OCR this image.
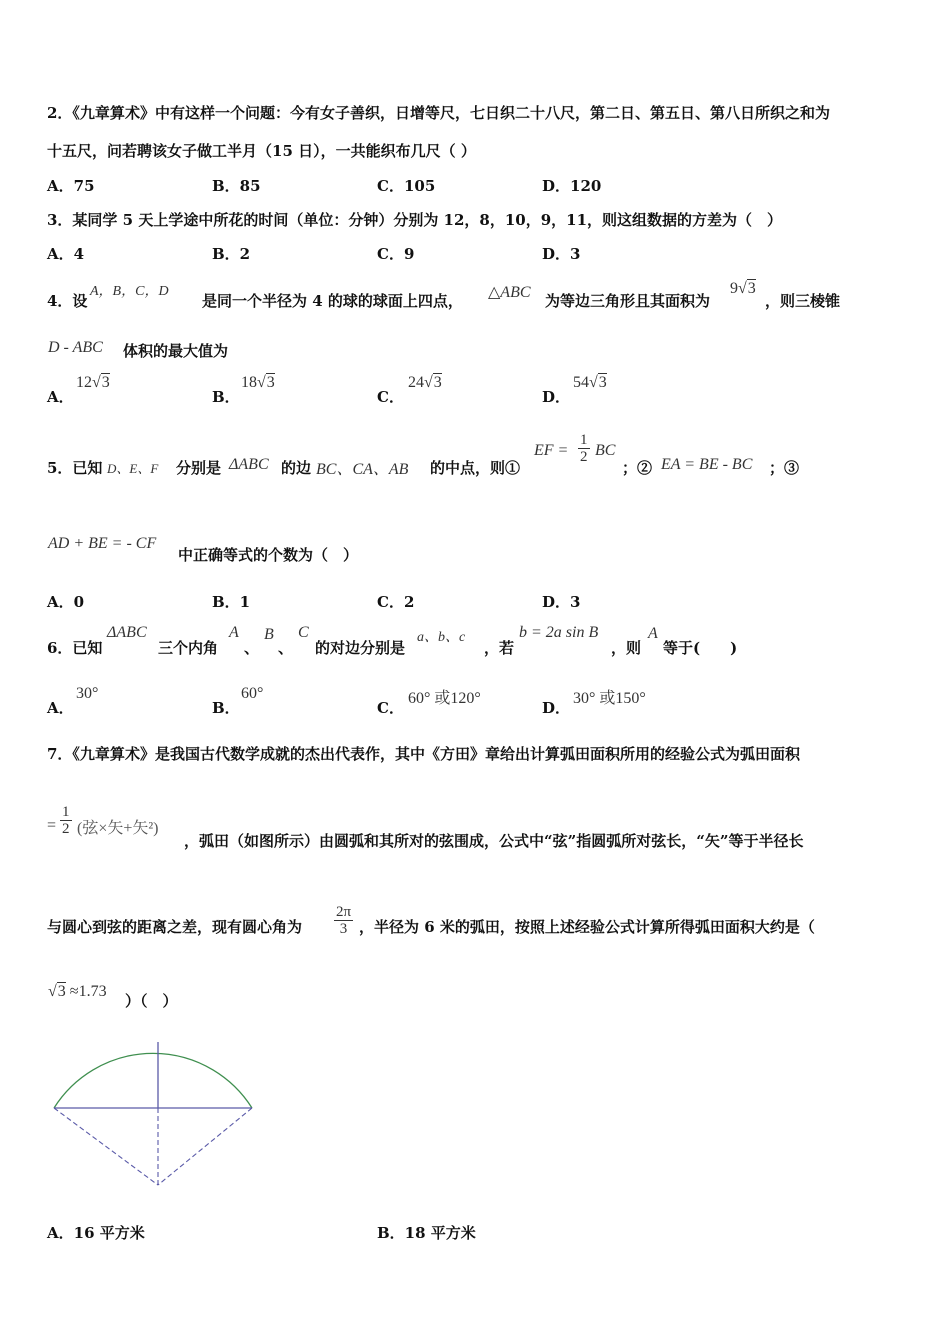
2．《九章算术》中有这样一个问题：今有女子善织，日增等尺，七日织二十八尺，第二日、第五日、第八日所织之和为
十五尺，问若聘该女子做工半月（15 日），一共能织布几尺（ ）
A．75	B．85	C．105	D．120
3．某同学 5 天上学途中所花的时间（单位：分钟）分别为 12，8，10，9，11，则这组数据的方差为（　）
A．4	B．2	C．9	D．3
4．设
A，B，C，D
是同一个半径为 4 的球的球面上四点， △ABC 为等边三角形且其面积为
9√3
，则三棱锥
D - ABC 体积的最大值为
A．
12√3
B．
18√3
C．
24√3
D．
54√3
5．已知 D、E、F 分别是 ΔABC 的边 BC、CA、AB 的中点，则①
EF = $\frac{1}{2}$ BC
；② EA = BE - BC ；③
AD + BE = - CF
中正确等式的个数为（　）
A．0	B．1	C．2	D．3
6．已知
ΔABC
三个内角
A
、
B
、
C
的对边分别是
a、b、c
，若
b = 2a sin B
，则
A
等于(　　)
A．
30°
B．
60°
C．
60° 或120°
D．
30° 或150°
7．《九章算术》是我国古代数学成就的杰出代表作，其中《方田》章给出计算弧田面积所用的经验公式为弧田面积
= $\frac{1}{2}$ (弦×矢+矢²)
，弧田（如图所示）由圆弧和其所对的弦围成，公式中“弦”指圆弧所对弦长，“矢”等于半径长
与圆心到弦的距离之差，现有圆心角为 $\frac{2\pi}{3}$ ，半径为 6 米的弧田，按照上述经验公式计算所得弧田面积大约是（
√3 ≈1.73
）（　）
A．16 平方米	B．18 平方米
